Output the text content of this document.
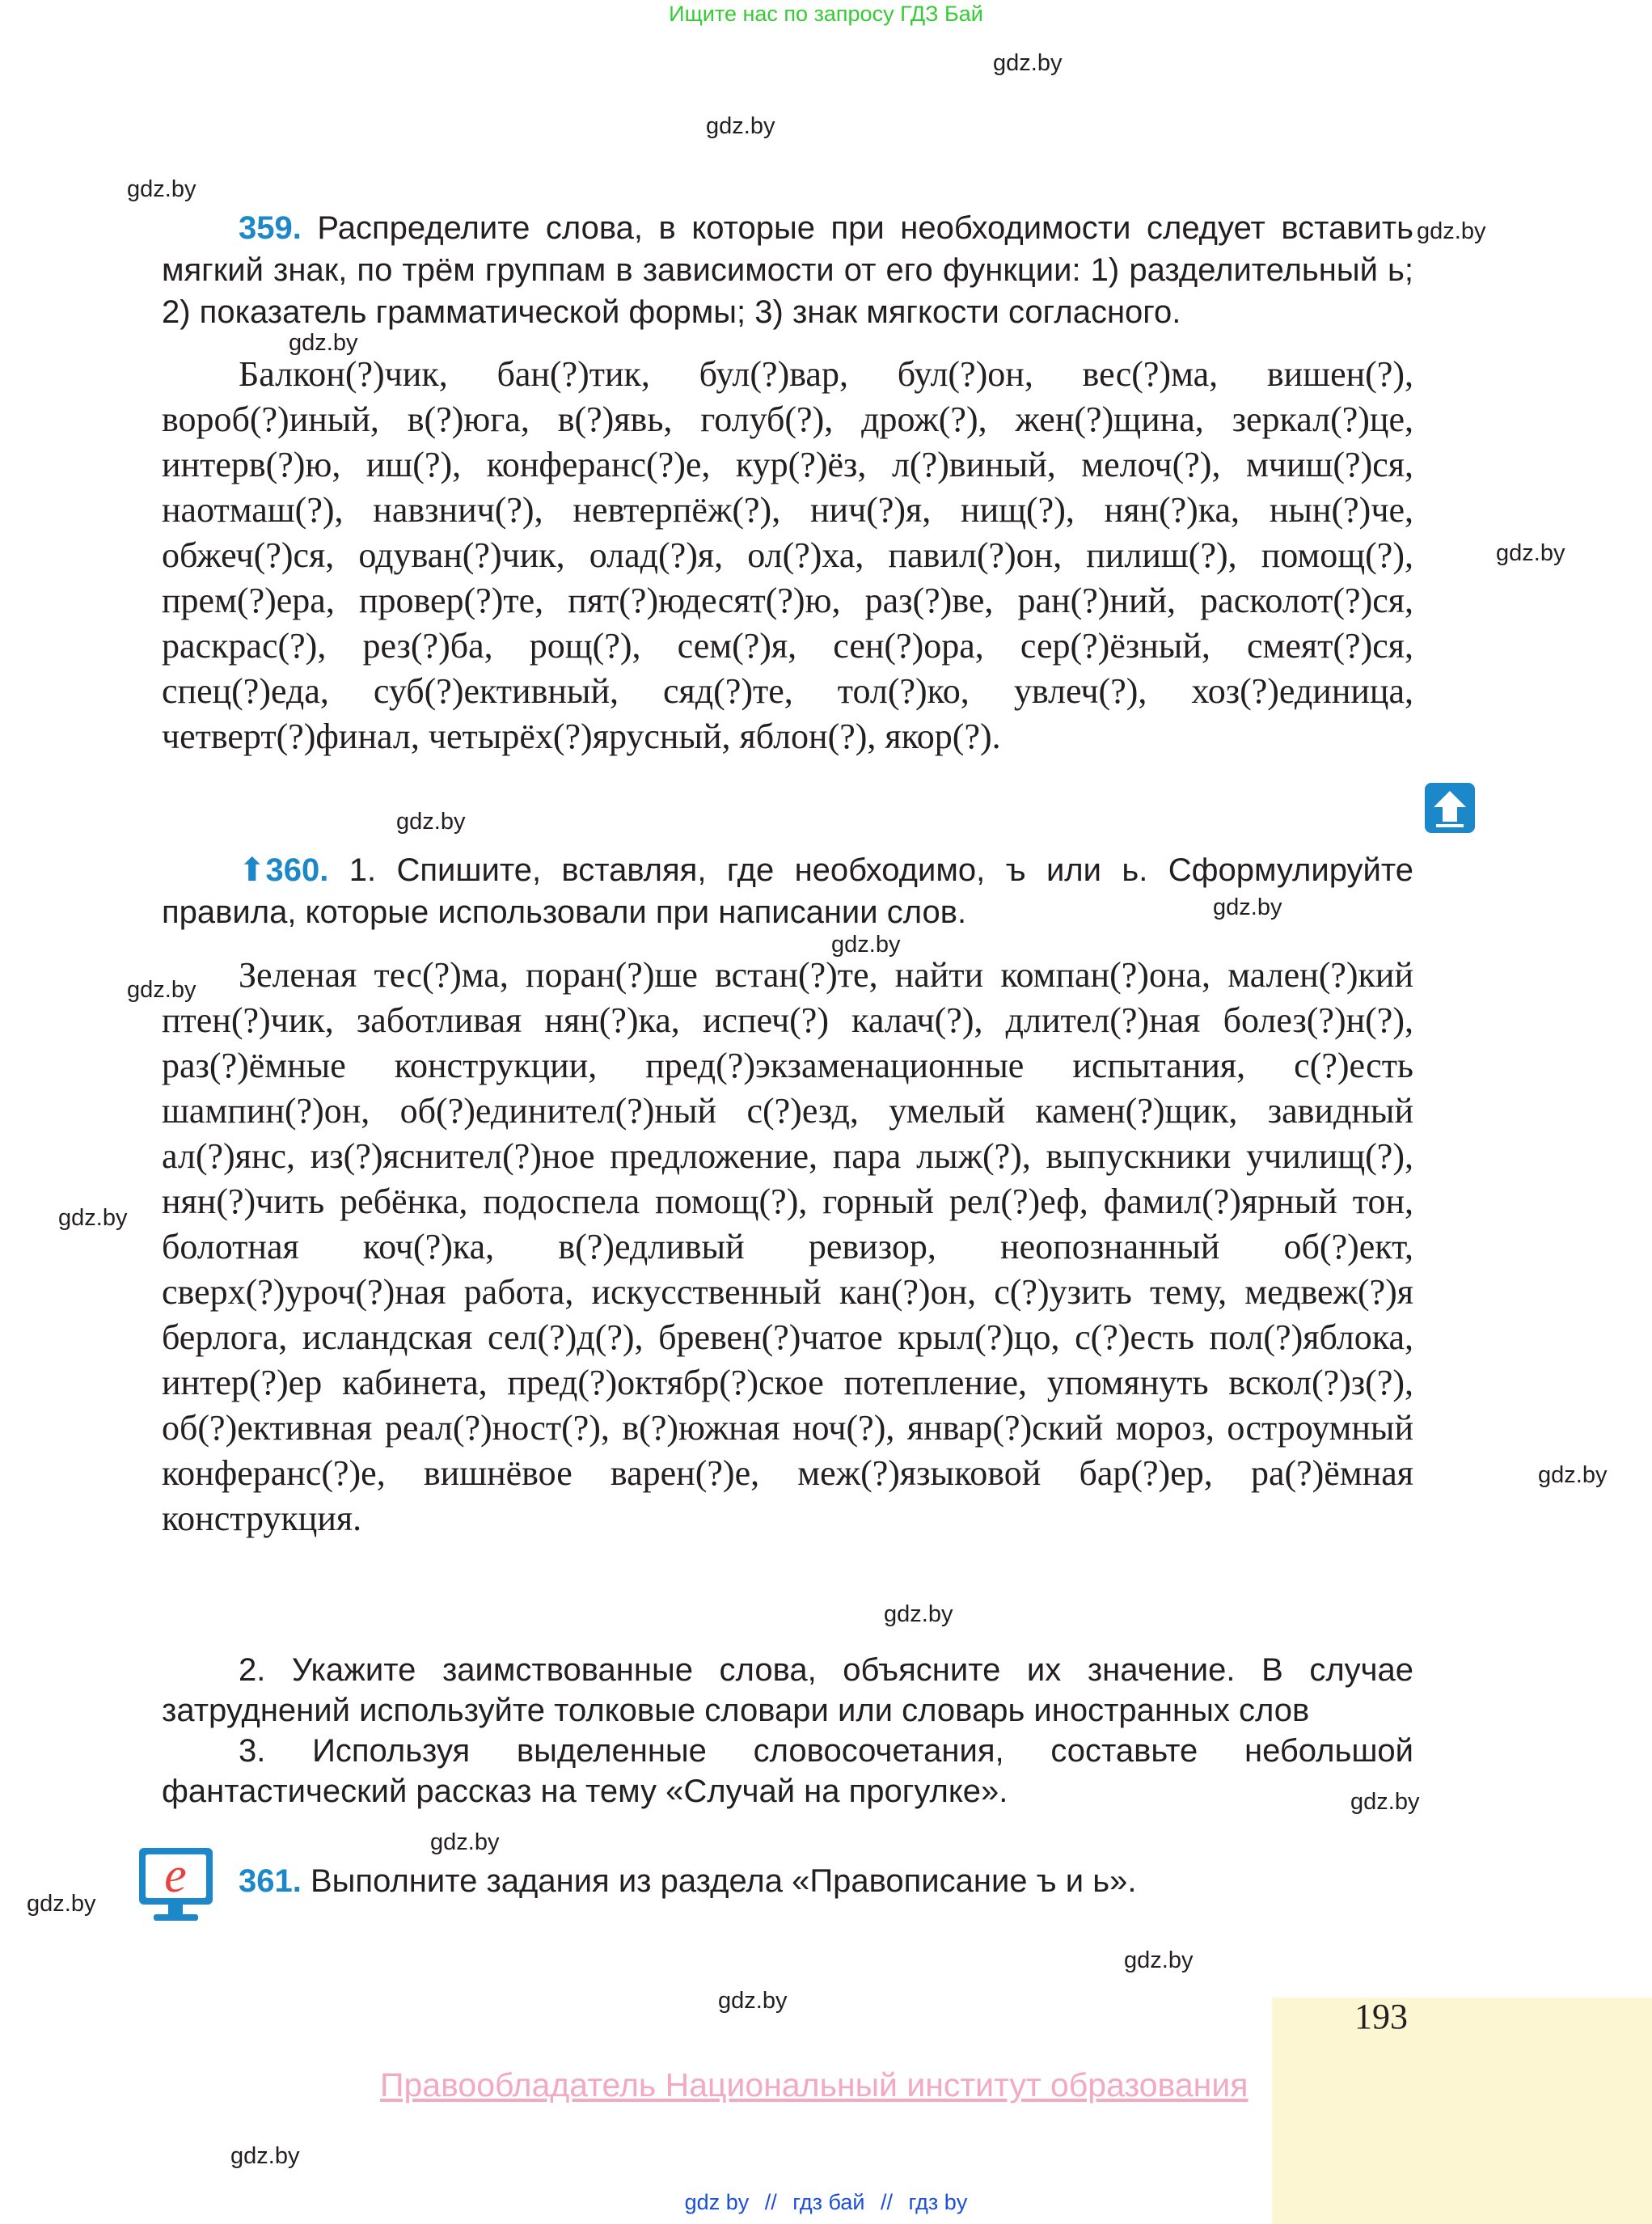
Ищите нас по запросу ГДЗ Бай
gdz.by
gdz.by
gdz.by
gdz.by
gdz.by
gdz.by
gdz.by
gdz.by
gdz.by
gdz.by
gdz.by
gdz.by
gdz.by
gdz.by
gdz.by
gdz.by
gdz.by
gdz.by
gdz.by
359. Распределите слова, в которые при необходимости следует вставить мягкий знак, по трём группам в зависимости от его функции: 1) разделительный ь; 2) показатель грамматической формы; 3) знак мягкости согласного.
Балкон(?)чик, бан(?)тик, бул(?)вар, бул(?)он, вес(?)ма, вишен(?), вороб(?)иный, в(?)юга, в(?)явь, голуб(?), дрож(?), жен(?)щина, зеркал(?)це, интерв(?)ю, иш(?), конферанс(?)е, кур(?)ёз, л(?)виный, мелоч(?), мчиш(?)ся, наотмаш(?), навзнич(?), невтерпёж(?), нич(?)я, нищ(?), нян(?)ка, нын(?)че, обжеч(?)ся, одуван(?)чик, олад(?)я, ол(?)ха, павил(?)он, пилиш(?), помощ(?), прем(?)ера, провер(?)те, пят(?)юдесят(?)ю, раз(?)ве, ран(?)ний, расколот(?)ся, раскрас(?), рез(?)ба, рощ(?), сем(?)я, сен(?)ора, сер(?)ёзный, смеят(?)ся, спец(?)еда, суб(?)ективный, сяд(?)те, тол(?)ко, увлеч(?), хоз(?)единица, четверт(?)финал, четырёх(?)ярусный, яблон(?), якор(?).
⬆360. 1. Спишите, вставляя, где необходимо, ъ или ь. Сформулируйте правила, которые использовали при написании слов.
Зеленая тес(?)ма, поран(?)ше встан(?)те, найти компан(?)она, мален(?)кий птен(?)чик, заботливая нян(?)ка, испеч(?) калач(?), длител(?)ная болез(?)н(?), раз(?)ёмные конструкции, пред(?)экзаменационные испытания, с(?)есть шампин(?)он, об(?)единител(?)ный с(?)езд, умелый камен(?)щик, завидный ал(?)янс, из(?)яснител(?)ное предложение, пара лыж(?), выпускники училищ(?), нян(?)чить ребёнка, подоспела помощ(?), горный рел(?)еф, фамил(?)ярный тон, болотная коч(?)ка, в(?)едливый ревизор, неопознанный об(?)ект, сверх(?)уроч(?)ная работа, искусственный кан(?)он, с(?)узить тему, медвеж(?)я берлога, исландская сел(?)д(?), бревен(?)чатое крыл(?)цо, с(?)есть пол(?)яблока, интер(?)ер кабинета, пред(?)октябр(?)ское потепление, упомянуть вскол(?)з(?), об(?)ективная реал(?)ност(?), в(?)южная ноч(?), январ(?)ский мороз, остроумный конферанс(?)е, вишнёвое варен(?)е, меж(?)языковой бар(?)ер, ра(?)ёмная конструкция.
2. Укажите заимствованные слова, объясните их значение. В случае затруднений используйте толковые словари или словарь иностранных слов
3. Используя выделенные словосочетания, составьте небольшой фантастический рассказ на тему «Случай на прогулке».
e	361. Выполните задания из раздела «Правописание ъ и ь».
193
Правообладатель Национальный институт образования
gdz by // гдз бай // гдз by
